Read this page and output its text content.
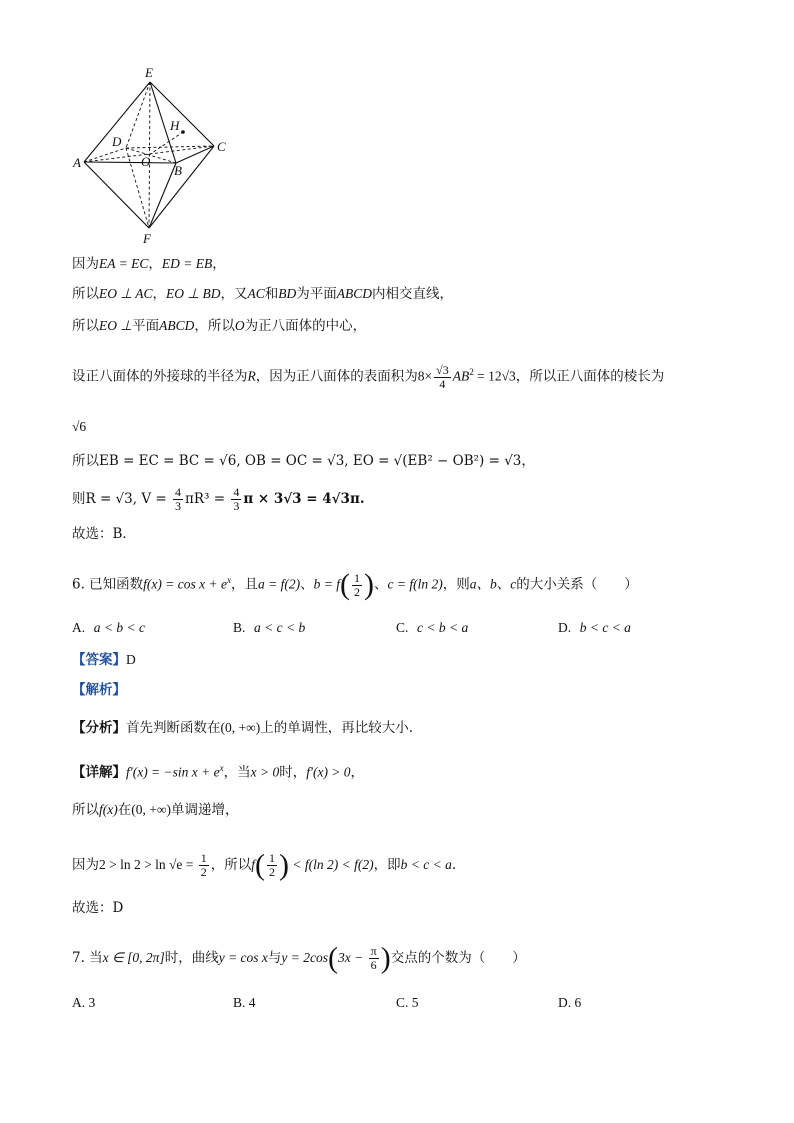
E
H
D	C
A	O
B
F
因为EA = EC，ED = EB，
所以EO ⊥ AC，EO ⊥ BD，又AC和BD为平面ABCD内相交直线，
所以EO ⊥平面ABCD，所以O为正八面体的中心，
设正八面体的外接球的半径为R，因为正八面体的表面积为$8\times \frac{√3}{4} AB^2 = 12√3$，所以正八面体的棱长为
√6
所以EB = EC = BC = √6, OB = OC = √3, EO = √(EB² − OB²) = √3，
则R = √3, $V = \frac{4}{3} \pi R^3 = \frac{4}{3}$ π × 3√3 = 4√3π.
故选：B．
6. 已知函数$f(x) = \cos x + e^x$，且a = f(2)、$b = f( \frac{1}{2}$ )、c = f(ln 2)，则a、b、c的大小关系（　　）
A. a < b < c	B. a < c < b	C. c < b < a	D. b < c < a
【答案】D
【解析】
【分析】首先判断函数在(0, +∞)上的单调性，再比较大小.
【详解】f′(x) = −sin $x + e^x$，当x > 0时，f′(x) > 0，
所以f(x)在(0, +∞)单调递增，
因为$2 > \ln 2 > \ln √e = \frac{1}{2}$ ，所以$f( \frac{1}{2}$ ) < f(ln 2) < f(2)，即b < c < a.
故选：D
7. 当x ∈ [0, 2π]时，曲线y = cos x与$y = 2\cos(3x - \frac{\pi}{6}$ )交点的个数为（　　）
A. 3	B. 4	C. 5	D. 6
